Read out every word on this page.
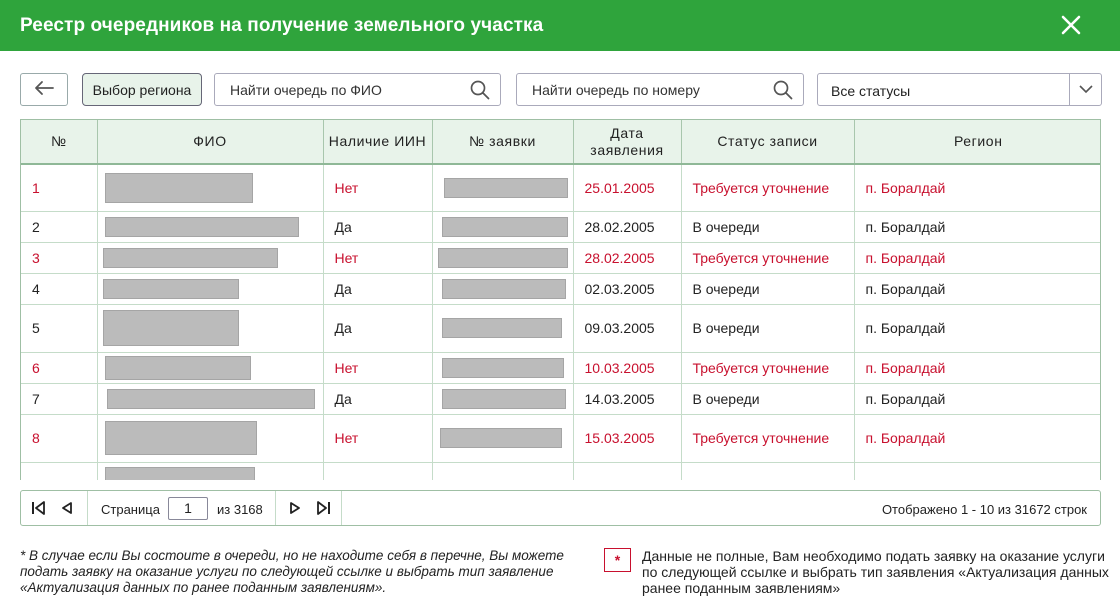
Реестр очередников на получение земельного участка
Выбор региона
Найти очередь по ФИО
Найти очередь по номеру	Все статусы
№	ФИО	Наличие ИИН	№ заявки	Дата заявления	Статус записи	Регион
1		Нет		25.01.2005	Требуется уточнение	п. Боралдай
2		Да		28.02.2005	В очереди	п. Боралдай
3		Нет		28.02.2005	Требуется уточнение	п. Боралдай
4		Да		02.03.2005	В очереди	п. Боралдай
5		Да		09.03.2005	В очереди	п. Боралдай
6		Нет		10.03.2005	Требуется уточнение	п. Боралдай
7		Да		14.03.2005	В очереди	п. Боралдай
8		Нет		15.03.2005	Требуется уточнение	п. Боралдай

Страница	1	из 3168	Отображено 1 - 10 из 31672 строк
* В случае если Вы состоите в очереди, но не находите себя в перечне, Вы можете подать заявку на оказание услуги по следующей ссылке и выбрать тип заявление «Актуализация данных по ранее поданным заявлениям».
*	Данные не полные, Вам необходимо подать заявку на оказание услуги по следующей ссылке и выбрать тип заявления «Актуализация данных ранее поданным заявлениям»
